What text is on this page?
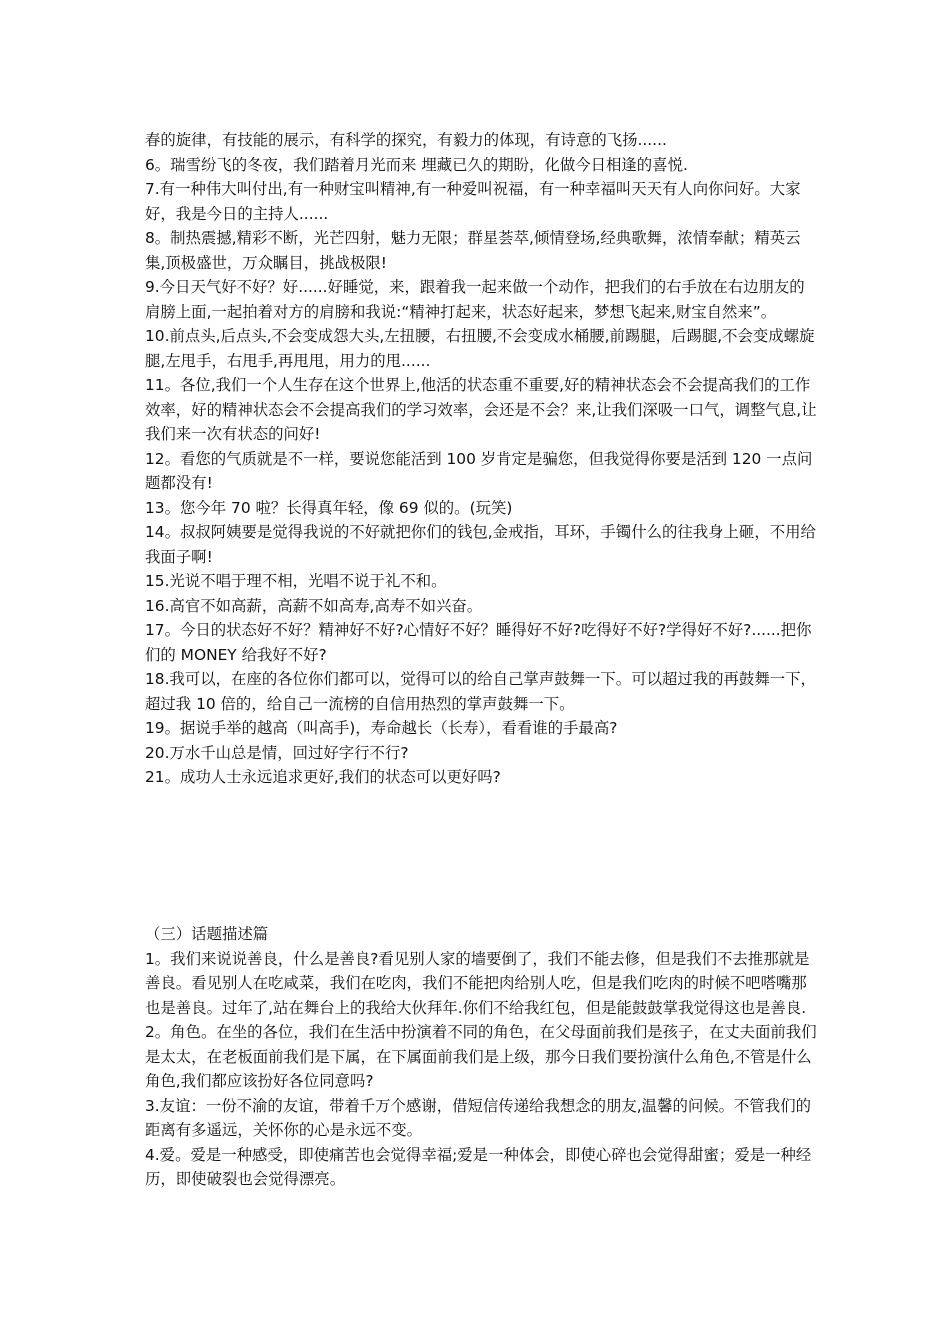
春的旋律，有技能的展示，有科学的探究，有毅力的体现，有诗意的飞扬......

6。瑞雪纷飞的冬夜，我们踏着月光而来 埋藏已久的期盼，化做今日相逢的喜悦.

7.有一种伟大叫付出,有一种财宝叫精神,有一种爱叫祝福，有一种幸福叫天天有人向你问好。大家好，我是今日的主持人......

8。制热震撼,精彩不断，光芒四射，魅力无限；群星荟萃,倾情登场,经典歌舞，浓情奉献；精英云集,顶极盛世，万众瞩目，挑战极限!

9.今日天气好不好？好......好睡觉，来，跟着我一起来做一个动作，把我们的右手放在右边朋友的肩膀上面,一起拍着对方的肩膀和我说:“精神打起来，状态好起来，梦想飞起来,财宝自然来”。

10.前点头,后点头,不会变成怨大头,左扭腰，右扭腰,不会变成水桶腰,前踢腿，后踢腿,不会变成螺旋腿,左甩手，右甩手,再甩甩，用力的甩......

11。各位,我们一个人生存在这个世界上,他活的状态重不重要,好的精神状态会不会提高我们的工作效率，好的精神状态会不会提高我们的学习效率，会还是不会？来,让我们深吸一口气，调整气息,让我们来一次有状态的问好!

12。看您的气质就是不一样，要说您能活到 100 岁肯定是骗您，但我觉得你要是活到 120 一点问题都没有!

13。您今年 70 啦？长得真年轻，像 69 似的。(玩笑)

14。叔叔阿姨要是觉得我说的不好就把你们的钱包,金戒指，耳环，手镯什么的往我身上砸，不用给我面子啊!

15.光说不唱于理不相，光唱不说于礼不和。

16.高官不如高薪，高薪不如高寿,高寿不如兴奋。

17。今日的状态好不好？精神好不好?心情好不好？睡得好不好?吃得好不好?学得好不好?......把你们的 MONEY 给我好不好?

18.我可以，在座的各位你们都可以，觉得可以的给自己掌声鼓舞一下。可以超过我的再鼓舞一下，超过我 10 倍的，给自己一流榜的自信用热烈的掌声鼓舞一下。

19。据说手举的越高（叫高手)，寿命越长（长寿），看看谁的手最高?

20.万水千山总是情，回过好字行不行?

21。成功人士永远追求更好,我们的状态可以更好吗?

（三）话题描述篇

1。我们来说说善良，什么是善良?看见别人家的墙要倒了，我们不能去修，但是我们不去推那就是善良。看见别人在吃咸菜，我们在吃肉，我们不能把肉给别人吃，但是我们吃肉的时候不吧嗒嘴那也是善良。过年了,站在舞台上的我给大伙拜年.你们不给我红包，但是能鼓鼓掌我觉得这也是善良.

2。角色。在坐的各位，我们在生活中扮演着不同的角色，在父母面前我们是孩子，在丈夫面前我们是太太，在老板面前我们是下属，在下属面前我们是上级，那今日我们要扮演什么角色,不管是什么角色,我们都应该扮好各位同意吗?

3.友谊：一份不渝的友谊，带着千万个感谢，借短信传递给我想念的朋友,温馨的问候。不管我们的距离有多遥远，关怀你的心是永远不变。

4.爱。爱是一种感受，即使痛苦也会觉得幸福;爱是一种体会，即使心碎也会觉得甜蜜；爱是一种经历，即使破裂也会觉得漂亮。
